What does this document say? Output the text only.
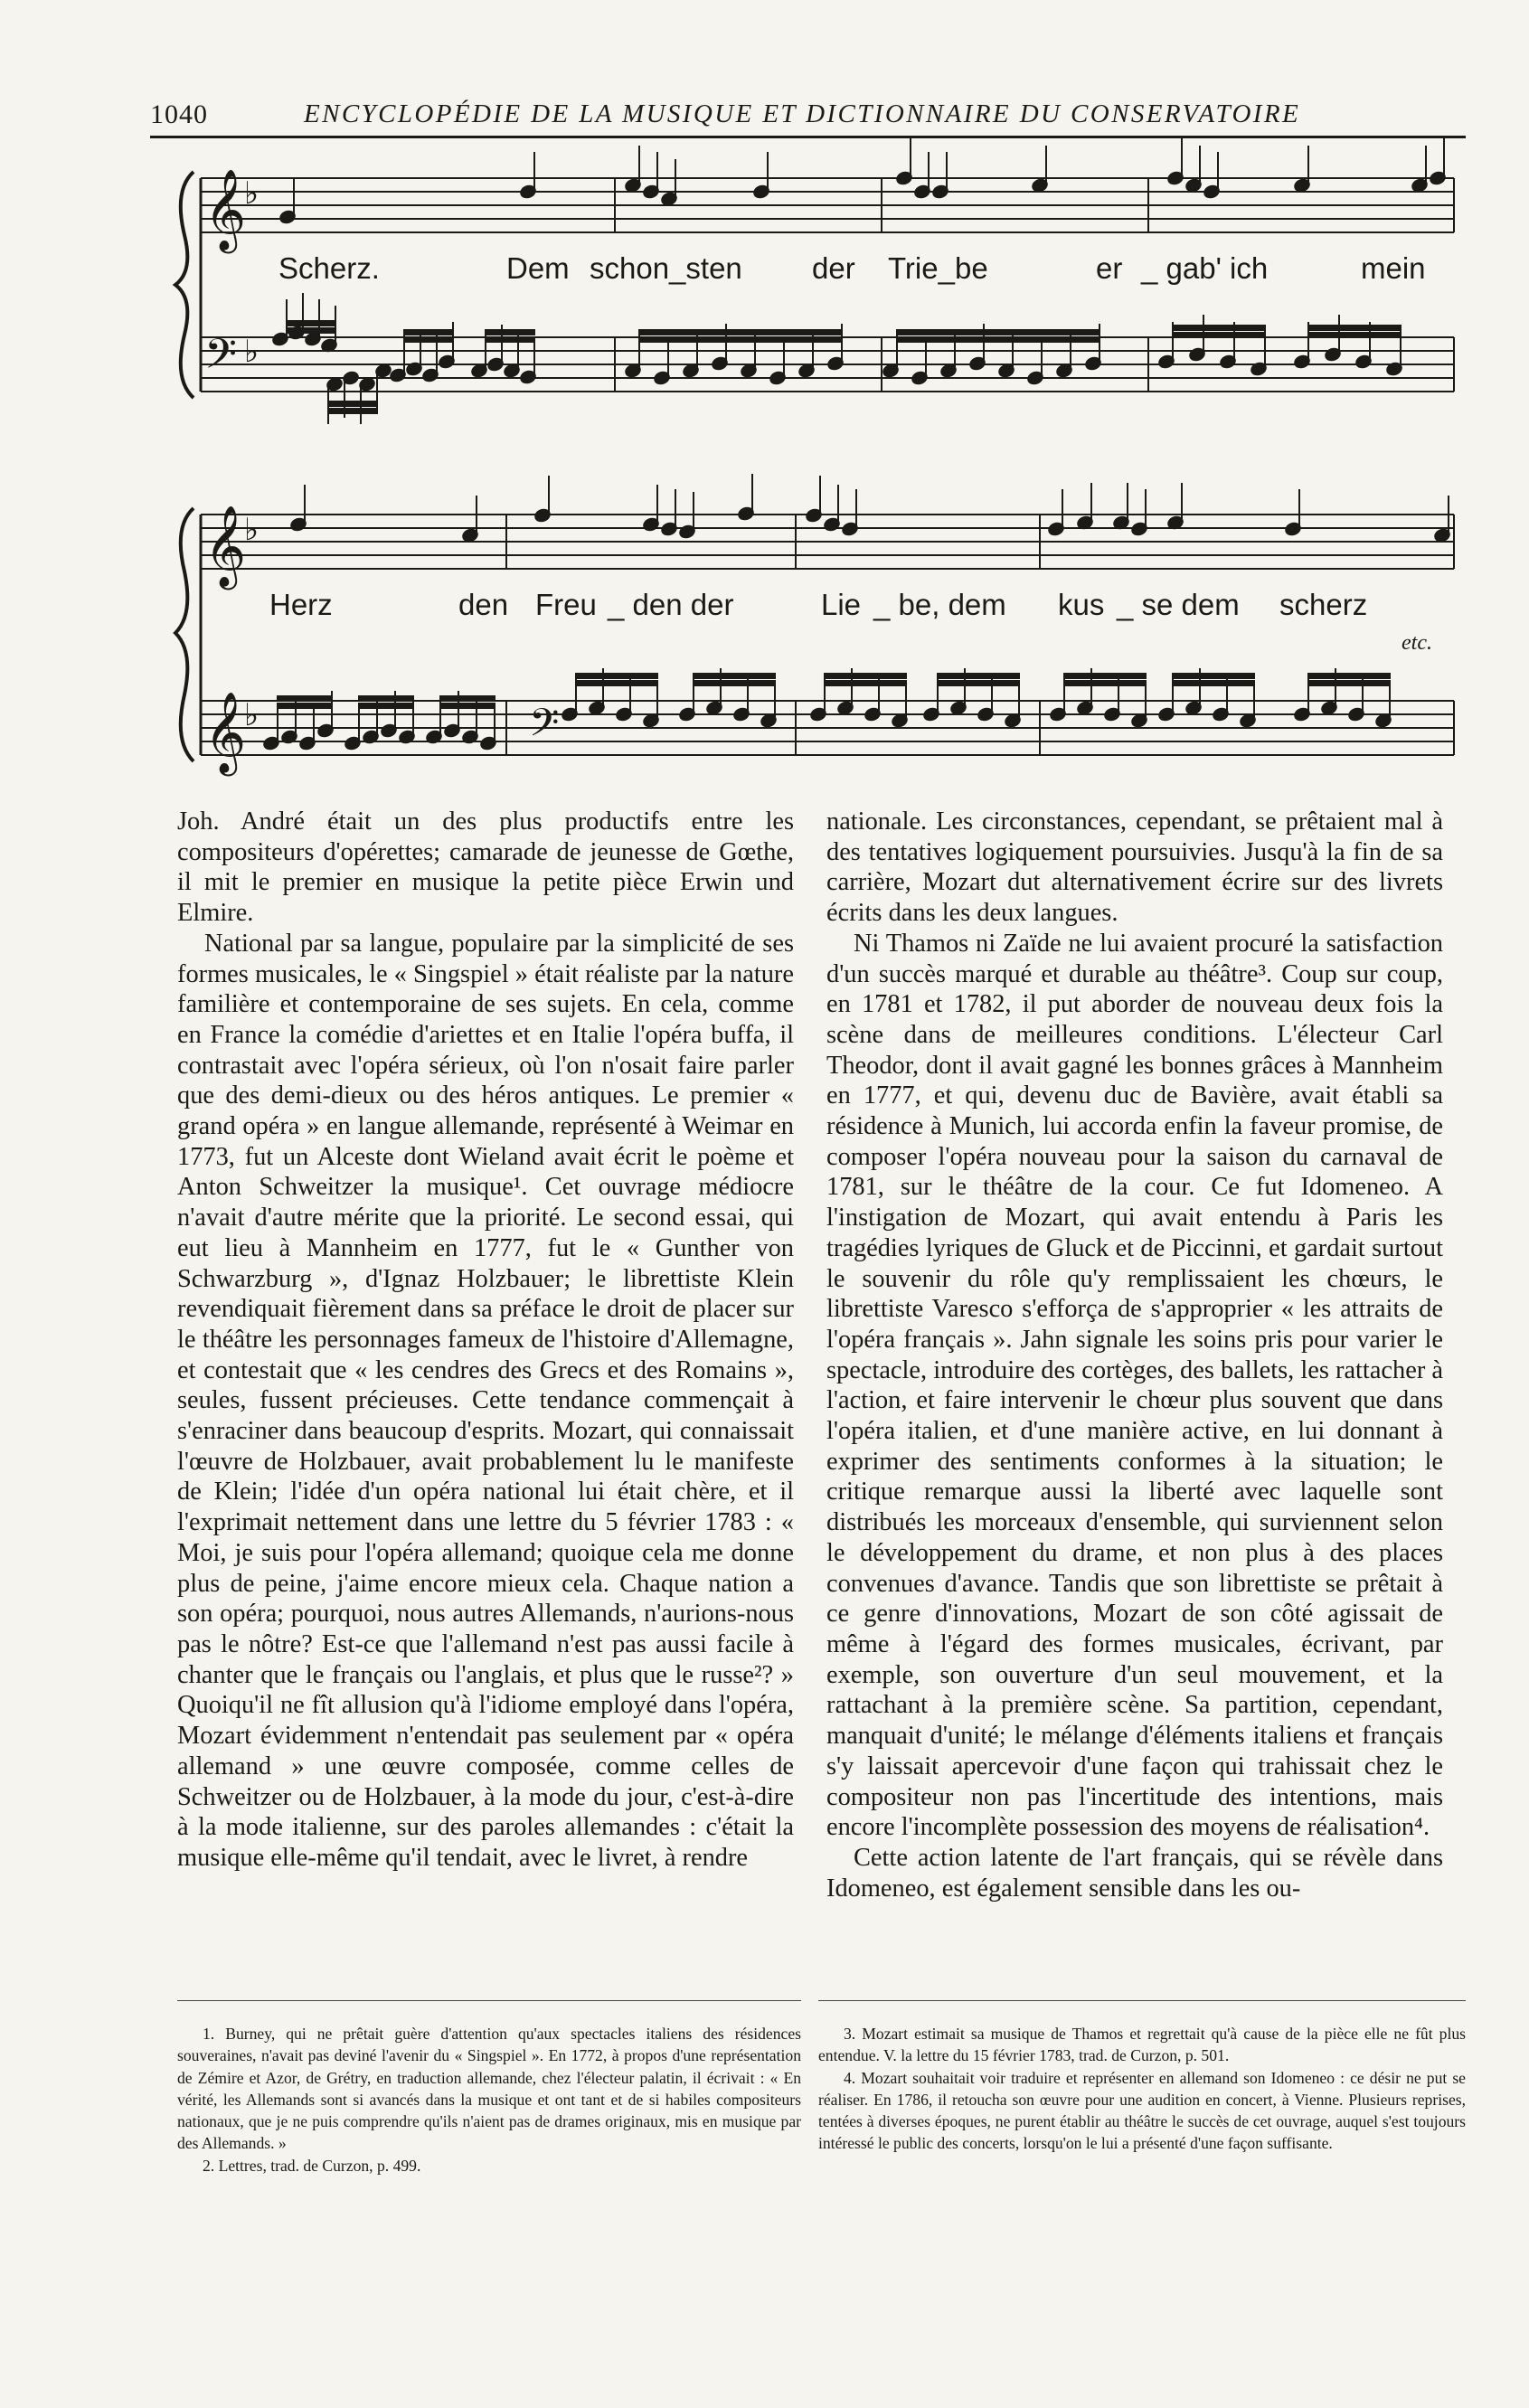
1040	ENCYCLOPÉDIE DE LA MUSIQUE ET DICTIONNAIRE DU CONSERVATOIRE
𝄞
𝄢
𝄞
𝄞
♭
♭
♭
♭	𝄢
Scherz.	Dem schon_sten der Trie_be	er _ gab' ich	mein
Herz	den Freu _ den der	Lie _ be, dem kus _ se dem scherz
etc.

Joh. André était un des plus productifs entre les compositeurs d'opérettes; camarade de jeunesse de Gœthe, il mit le premier en musique la petite pièce Erwin und Elmire.

National par sa langue, populaire par la simplicité de ses formes musicales, le « Singspiel » était réaliste par la nature familière et contemporaine de ses sujets. En cela, comme en France la comédie d'ariettes et en Italie l'opéra buffa, il contrastait avec l'opéra sérieux, où l'on n'osait faire parler que des demi-dieux ou des héros antiques. Le premier « grand opéra » en langue allemande, représenté à Weimar en 1773, fut un Alceste dont Wieland avait écrit le poème et Anton Schweitzer la musique¹. Cet ouvrage médiocre n'avait d'autre mérite que la priorité. Le second essai, qui eut lieu à Mannheim en 1777, fut le « Gunther von Schwarzburg », d'Ignaz Holzbauer; le librettiste Klein revendiquait fièrement dans sa préface le droit de placer sur le théâtre les personnages fameux de l'histoire d'Allemagne, et contestait que « les cendres des Grecs et des Romains », seules, fussent précieuses. Cette tendance commençait à s'enraciner dans beaucoup d'esprits. Mozart, qui connaissait l'œuvre de Holzbauer, avait probablement lu le manifeste de Klein; l'idée d'un opéra national lui était chère, et il l'exprimait nettement dans une lettre du 5 février 1783 : « Moi, je suis pour l'opéra allemand; quoique cela me donne plus de peine, j'aime encore mieux cela. Chaque nation a son opéra; pourquoi, nous autres Allemands, n'aurions-nous pas le nôtre? Est-ce que l'allemand n'est pas aussi facile à chanter que le français ou l'anglais, et plus que le russe²? » Quoiqu'il ne fît allusion qu'à l'idiome employé dans l'opéra, Mozart évidemment n'entendait pas seulement par « opéra allemand » une œuvre composée, comme celles de Schweitzer ou de Holzbauer, à la mode du jour, c'est-à-dire à la mode italienne, sur des paroles allemandes : c'était la musique elle-même qu'il tendait, avec le livret, à rendre

nationale. Les circonstances, cependant, se prêtaient mal à des tentatives logiquement poursuivies. Jusqu'à la fin de sa carrière, Mozart dut alternativement écrire sur des livrets écrits dans les deux langues.

Ni Thamos ni Zaïde ne lui avaient procuré la satisfaction d'un succès marqué et durable au théâtre³. Coup sur coup, en 1781 et 1782, il put aborder de nouveau deux fois la scène dans de meilleures conditions. L'électeur Carl Theodor, dont il avait gagné les bonnes grâces à Mannheim en 1777, et qui, devenu duc de Bavière, avait établi sa résidence à Munich, lui accorda enfin la faveur promise, de composer l'opéra nouveau pour la saison du carnaval de 1781, sur le théâtre de la cour. Ce fut Idomeneo. A l'instigation de Mozart, qui avait entendu à Paris les tragédies lyriques de Gluck et de Piccinni, et gardait surtout le souvenir du rôle qu'y remplissaient les chœurs, le librettiste Varesco s'efforça de s'approprier « les attraits de l'opéra français ». Jahn signale les soins pris pour varier le spectacle, introduire des cortèges, des ballets, les rattacher à l'action, et faire intervenir le chœur plus souvent que dans l'opéra italien, et d'une manière active, en lui donnant à exprimer des sentiments conformes à la situation; le critique remarque aussi la liberté avec laquelle sont distribués les morceaux d'ensemble, qui surviennent selon le développement du drame, et non plus à des places convenues d'avance. Tandis que son librettiste se prêtait à ce genre d'innovations, Mozart de son côté agissait de même à l'égard des formes musicales, écrivant, par exemple, son ouverture d'un seul mouvement, et la rattachant à la première scène. Sa partition, cependant, manquait d'unité; le mélange d'éléments italiens et français s'y laissait apercevoir d'une façon qui trahissait chez le compositeur non pas l'incertitude des intentions, mais encore l'incomplète possession des moyens de réalisation⁴.

Cette action latente de l'art français, qui se révèle dans Idomeneo, est également sensible dans les ou-

1. Burney, qui ne prêtait guère d'attention qu'aux spectacles italiens des résidences souveraines, n'avait pas deviné l'avenir du « Singspiel ». En 1772, à propos d'une représentation de Zémire et Azor, de Grétry, en traduction allemande, chez l'électeur palatin, il écrivait : « En vérité, les Allemands sont si avancés dans la musique et ont tant et de si habiles compositeurs nationaux, que je ne puis comprendre qu'ils n'aient pas de drames originaux, mis en musique par des Allemands. »

2. Lettres, trad. de Curzon, p. 499.

3. Mozart estimait sa musique de Thamos et regrettait qu'à cause de la pièce elle ne fût plus entendue. V. la lettre du 15 février 1783, trad. de Curzon, p. 501.

4. Mozart souhaitait voir traduire et représenter en allemand son Idomeneo : ce désir ne put se réaliser. En 1786, il retoucha son œuvre pour une audition en concert, à Vienne. Plusieurs reprises, tentées à diverses époques, ne purent établir au théâtre le succès de cet ouvrage, auquel s'est toujours intéressé le public des concerts, lorsqu'on le lui a présenté d'une façon suffisante.
